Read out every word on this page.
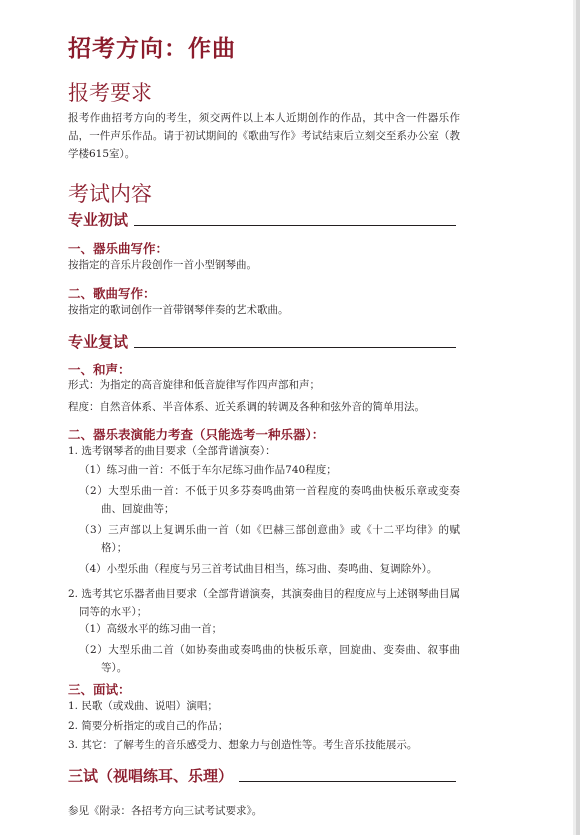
招考方向：作曲
报考要求

报考作曲招考方向的考生，须交两件以上本人近期创作的作品，其中含一件器乐作品，一件声乐作品。请于初试期间的《歌曲写作》考试结束后立刻交至系办公室（教学楼615室）。

考试内容
专业初试
一、器乐曲写作：
按指定的音乐片段创作一首小型钢琴曲。
二、歌曲写作：
按指定的歌词创作一首带钢琴伴奏的艺术歌曲。
专业复试
一、和声：
形式：为指定的高音旋律和低音旋律写作四声部和声；
程度：自然音体系、半音体系、近关系调的转调及各种和弦外音的简单用法。
二、器乐表演能力考查（只能选考一种乐器）：
1. 选考钢琴者的曲目要求（全部背谱演奏）：
（1）练习曲一首：不低于车尔尼练习曲作品740程度；
（2）大型乐曲一首：不低于贝多芬奏鸣曲第一首程度的奏鸣曲快板乐章或变奏曲、回旋曲等；
（3）三声部以上复调乐曲一首（如《巴赫三部创意曲》或《十二平均律》的赋格）；
（4）小型乐曲（程度与另三首考试曲目相当，练习曲、奏鸣曲、复调除外）。
2. 选考其它乐器者曲目要求（全部背谱演奏，其演奏曲目的程度应与上述钢琴曲目属同等的水平）；
（1）高级水平的练习曲一首；
（2）大型乐曲二首（如协奏曲或奏鸣曲的快板乐章，回旋曲、变奏曲、叙事曲等）。
三、面试：
1. 民歌（或戏曲、说唱）演唱；
2. 简要分析指定的或自己的作品；
3. 其它：了解考生的音乐感受力、想象力与创造性等。考生音乐技能展示。
三试（视唱练耳、乐理）
参见《附录：各招考方向三试考试要求》。
